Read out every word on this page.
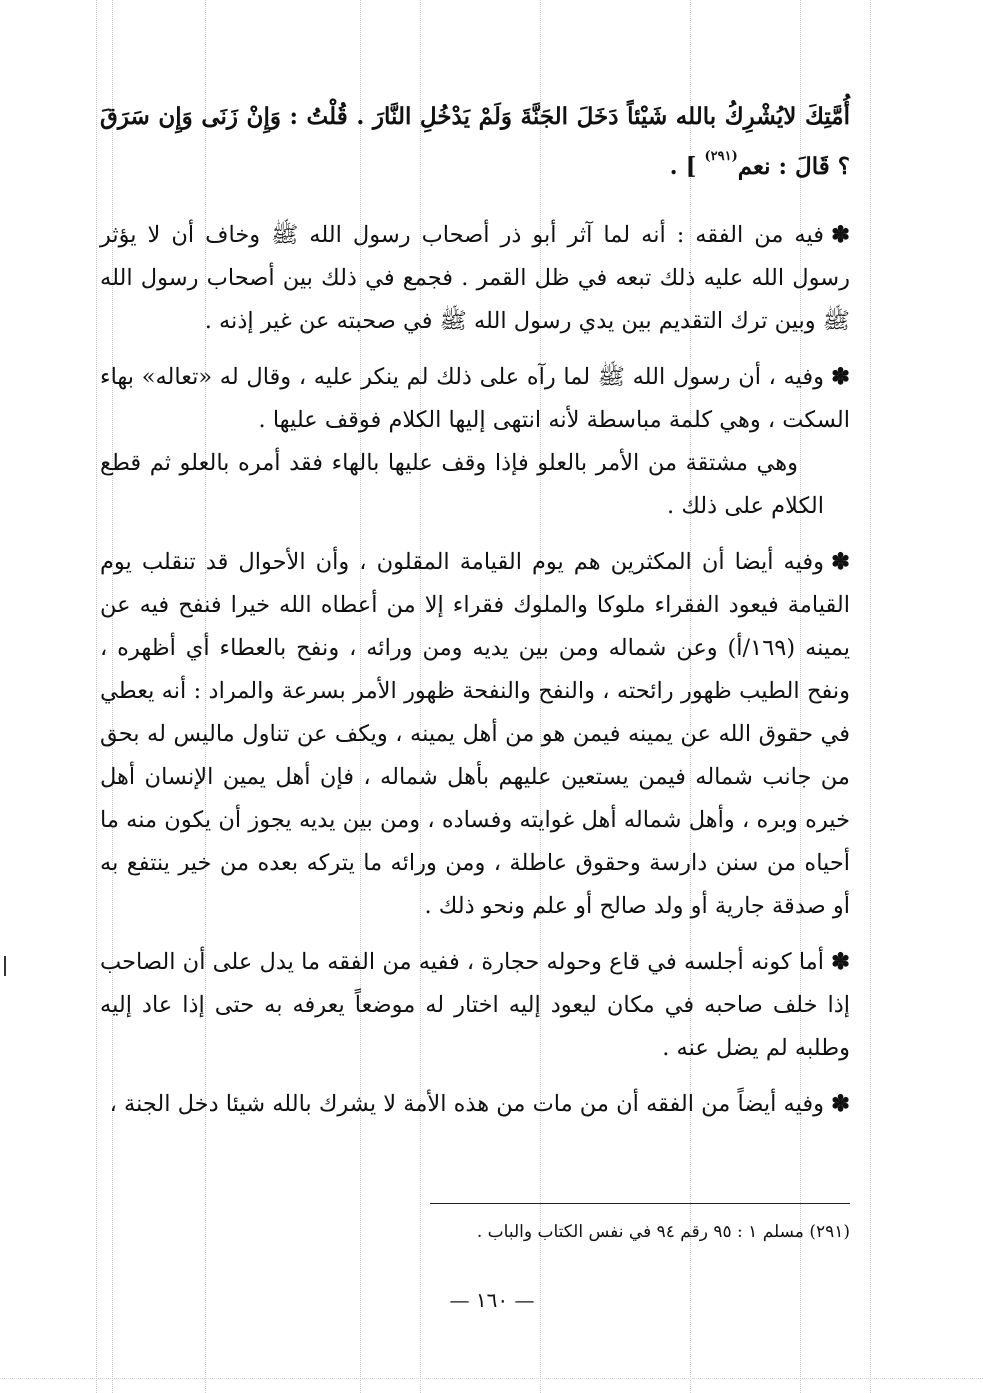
أُمَّتِكَ لايُشْرِكُ بالله شَيْئاً دَخَلَ الجَنَّةَ وَلَمْ يَدْخُلِ النَّارَ . قُلْتُ : وَإِنْ زَنَى وَإِن سَرَقَ ؟ قَالَ : نعم$^{(٢٩١)}$ ] .

✽فيه من الفقه : أنه لما آثر أبو ذر أصحاب رسول الله ﷺ وخاف أن لا يؤثر رسول الله عليه ذلك تبعه في ظل القمر . فجمع في ذلك بين أصحاب رسول الله ﷺ وبين ترك التقديم بين يدي رسول الله ﷺ في صحبته عن غير إذنه .

✽وفيه ، أن رسول الله ﷺ لما رآه على ذلك لم ينكر عليه ، وقال له «تعاله» بهاء السكت ، وهي كلمة مباسطة لأنه انتهى إليها الكلام فوقف عليها .

وهي مشتقة من الأمر بالعلو فإذا وقف عليها بالهاء فقد أمره بالعلو ثم قطع الكلام على ذلك .

✽وفيه أيضا أن المكثرين هم يوم القيامة المقلون ، وأن الأحوال قد تنقلب يوم القيامة فيعود الفقراء ملوكا والملوك فقراء إلا من أعطاه الله خيرا فنفح فيه عن يمينه (١٦٩/أ) وعن شماله ومن بين يديه ومن ورائه ، ونفح بالعطاء أي أظهره ، ونفح الطيب ظهور رائحته ، والنفح والنفحة ظهور الأمر بسرعة والمراد : أنه يعطي في حقوق الله عن يمينه فيمن هو من أهل يمينه ، ويكف عن تناول ماليس له بحق من جانب شماله فيمن يستعين عليهم بأهل شماله ، فإن أهل يمين الإنسان أهل خيره وبره ، وأهل شماله أهل غوايته وفساده ، ومن بين يديه يجوز أن يكون منه ما أحياه من سنن دارسة وحقوق عاطلة ، ومن ورائه ما يتركه بعده من خير ينتفع به أو صدقة جارية أو ولد صالح أو علم ونحو ذلك .

✽أما كونه أجلسه في قاع وحوله حجارة ، ففيه من الفقه ما يدل على أن الصاحب إذا خلف صاحبه في مكان ليعود إليه اختار له موضعاً يعرفه به حتى إذا عاد إليه وطلبه لم يضل عنه .

✽وفيه أيضاً من الفقه أن من مات من هذه الأمة لا يشرك بالله شيئا دخل الجنة ،

(٢٩١) مسلم ١ : ٩٥ رقم ٩٤ في نفس الكتاب والباب .
— ١٦٠ —
